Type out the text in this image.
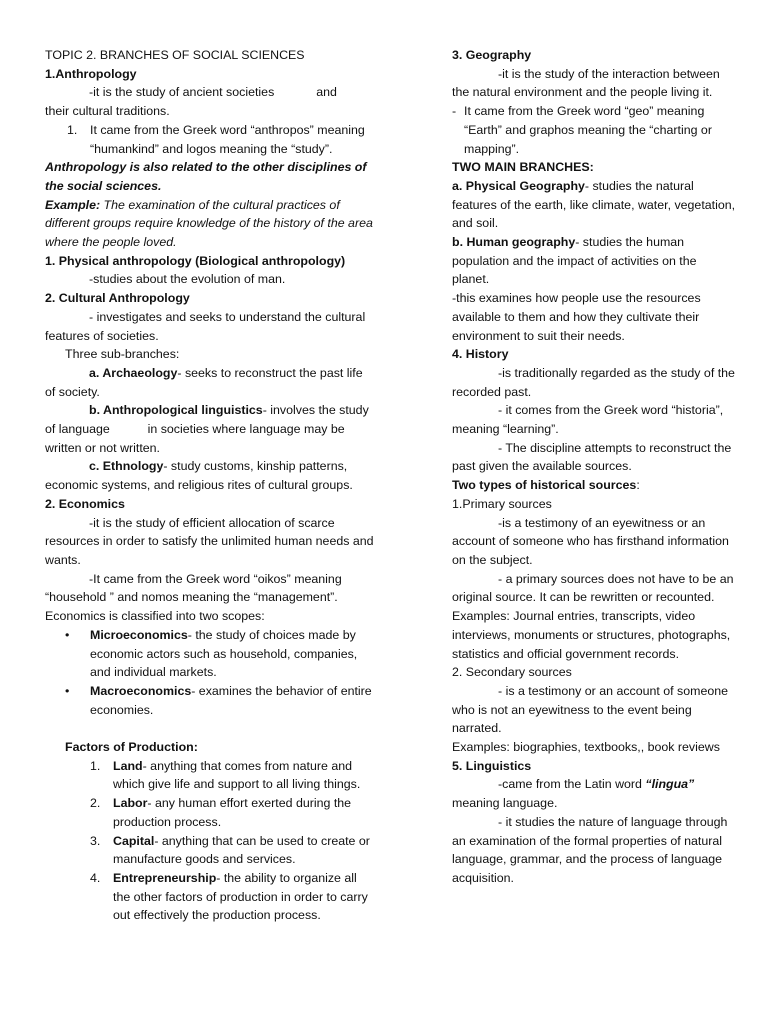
TOPIC 2. BRANCHES OF SOCIAL SCIENCES

1.Anthropology

-it is the study of ancient societies	and

their cultural traditions.

1. It came from the Greek word “anthropos” meaning “humankind” and logos meaning the “study”.

Anthropology is also related to the other disciplines of the social sciences.

Example: The examination of the cultural practices of different groups require knowledge of the history of the area where the people loved.

1. Physical anthropology (Biological anthropology)

-studies about the evolution of man.

2. Cultural Anthropology

- investigates and seeks to understand the cultural features of societies.

Three sub-branches:

a. Archaeology- seeks to reconstruct the past life of society.

b. Anthropological linguistics- involves the study of language           in societies where language may be written or not written.

c. Ethnology- study customs, kinship patterns, economic systems, and religious rites of cultural groups.

2. Economics

-it is the study of efficient allocation of scarce resources in order to satisfy the unlimited human needs and wants.

-It came from the Greek word “oikos” meaning “household ” and nomos meaning the “management”.

Economics is classified into two scopes:

• Microeconomics- the study of choices made by economic actors such as household, companies, and individual markets.
• Macroeconomics- examines the behavior of entire economies.

Factors of Production:

1. Land- anything that comes from nature and which give life and support to all living things.
2. Labor- any human effort exerted during the production process.
3. Capital- anything that can be used to create or manufacture goods and services.
4. Entrepreneurship- the ability to organize all the other factors of production in order to carry out effectively the production process.

3. Geography

-it is the study of the interaction between the natural environment and the people living it.

- It came from the Greek word “geo” meaning “Earth” and graphos meaning the “charting or mapping”.

TWO MAIN BRANCHES:

a. Physical Geography- studies the natural features of the earth, like climate, water, vegetation, and soil.

b. Human geography- studies the human population and the impact of activities on the planet.

-this examines how people use the resources available to them and how they cultivate their environment to suit their needs.

4. History

-is traditionally regarded as the study of the recorded past.

- it comes from the Greek word “historia”, meaning “learning”.

- The discipline attempts to reconstruct the past given the available sources.

Two types of historical sources:

1.Primary sources

-is a testimony of an eyewitness or an account of someone who has firsthand information on the subject.

- a primary sources does not have to be an original source. It can be rewritten or recounted.

Examples: Journal entries, transcripts, video interviews, monuments or structures, photographs, statistics and official government records.

2. Secondary sources

- is a testimony or an account of someone who is not an eyewitness to the event being narrated.

Examples: biographies, textbooks,, book reviews

5. Linguistics

-came from the Latin word “lingua” meaning language.

- it studies the nature of language through an examination of the formal properties of natural language, grammar, and the process of language acquisition.
